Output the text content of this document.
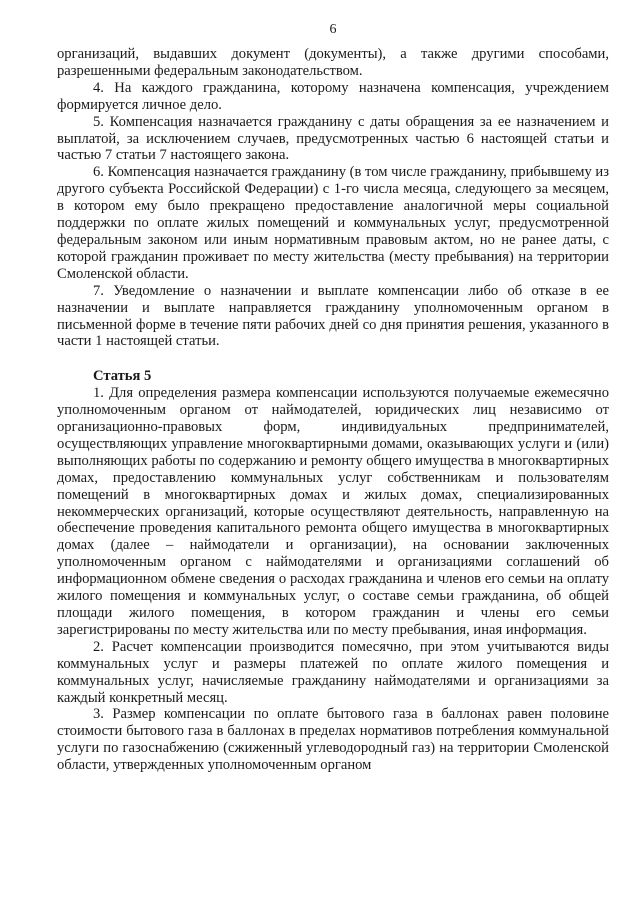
6

организаций, выдавших документ (документы), а также другими способами, разрешенными федеральным законодательством.

4. На каждого гражданина, которому назначена компенсация, учреждением формируется личное дело.

5. Компенсация назначается гражданину с даты обращения за ее назначением и выплатой, за исключением случаев, предусмотренных частью 6 настоящей статьи и частью 7 статьи 7 настоящего закона.

6. Компенсация назначается гражданину (в том числе гражданину, прибывшему из другого субъекта Российской Федерации) с 1-го числа месяца, следующего за месяцем, в котором ему было прекращено предоставление аналогичной меры социальной поддержки по оплате жилых помещений и коммунальных услуг, предусмотренной федеральным законом или иным нормативным правовым актом, но не ранее даты, с которой гражданин проживает по месту жительства (месту пребывания) на территории Смоленской области.

7. Уведомление о назначении и выплате компенсации либо об отказе в ее назначении и выплате направляется гражданину уполномоченным органом в письменной форме в течение пяти рабочих дней со дня принятия решения, указанного в части 1 настоящей статьи.

Статья 5

1. Для определения размера компенсации используются получаемые ежемесячно уполномоченным органом от наймодателей, юридических лиц независимо от организационно-правовых форм, индивидуальных предпринимателей, осуществляющих управление многоквартирными домами, оказывающих услуги и (или) выполняющих работы по содержанию и ремонту общего имущества в многоквартирных домах, предоставлению коммунальных услуг собственникам и пользователям помещений в многоквартирных домах и жилых домах, специализированных некоммерческих организаций, которые осуществляют деятельность, направленную на обеспечение проведения капитального ремонта общего имущества в многоквартирных домах (далее – наймодатели и организации), на основании заключенных уполномоченным органом с наймодателями и организациями соглашений об информационном обмене сведения о расходах гражданина и членов его семьи на оплату жилого помещения и коммунальных услуг, о составе семьи гражданина, об общей площади жилого помещения, в котором гражданин и члены его семьи зарегистрированы по месту жительства или по месту пребывания, иная информация.

2. Расчет компенсации производится помесячно, при этом учитываются виды коммунальных услуг и размеры платежей по оплате жилого помещения и коммунальных услуг, начисляемые гражданину наймодателями и организациями за каждый конкретный месяц.

3. Размер компенсации по оплате бытового газа в баллонах равен половине стоимости бытового газа в баллонах в пределах нормативов потребления коммунальной услуги по газоснабжению (сжиженный углеводородный газ) на территории Смоленской области, утвержденных уполномоченным органом
